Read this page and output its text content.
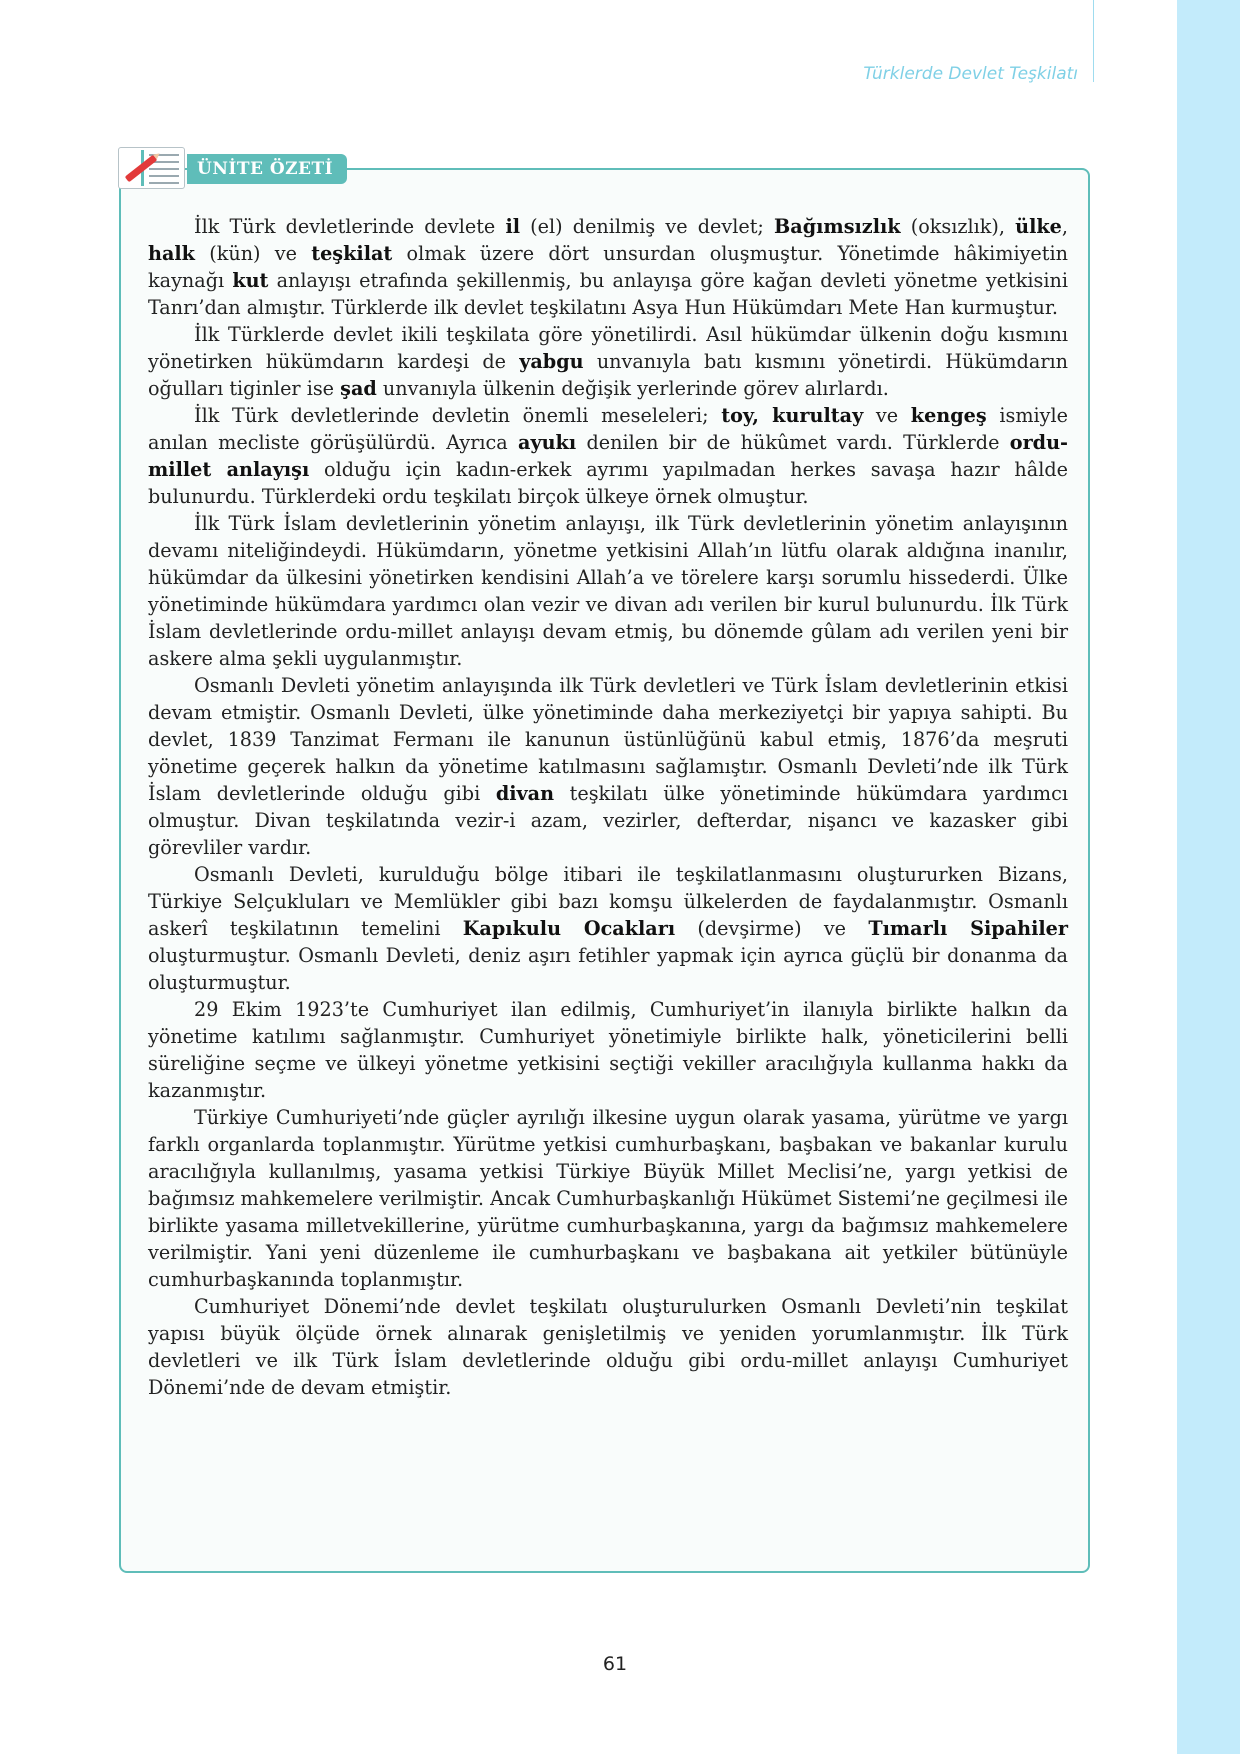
Türklerde Devlet Teşkilatı
ÜNİTE ÖZETİ

İlk Türk devletlerinde devlete il (el) denilmiş ve devlet; Bağımsızlık (oksızlık), ülke, halk (kün) ve teşkilat olmak üzere dört unsurdan oluşmuştur. Yönetimde hâkimiyetin kaynağı kut anlayışı etrafında şekillenmiş, bu anlayışa göre kağan devleti yönetme yetkisini Tanrı’dan almıştır. Türklerde ilk devlet teşkilatını Asya Hun Hükümdarı Mete Han kurmuştur.

İlk Türklerde devlet ikili teşkilata göre yönetilirdi. Asıl hükümdar ülkenin doğu kısmını yönetirken hükümdarın kardeşi de yabgu unvanıyla batı kısmını yönetirdi. Hükümdarın oğulları tiginler ise şad unvanıyla ülkenin değişik yerlerinde görev alırlardı.

İlk Türk devletlerinde devletin önemli meseleleri; toy, kurultay ve kengeş ismiyle anılan mecliste görüşülürdü. Ayrıca ayukı denilen bir de hükûmet vardı. Türklerde ordu-millet anlayışı olduğu için kadın-erkek ayrımı yapılmadan herkes savaşa hazır hâlde bulunurdu. Türklerdeki ordu teşkilatı birçok ülkeye örnek olmuştur.

İlk Türk İslam devletlerinin yönetim anlayışı, ilk Türk devletlerinin yönetim anlayışının devamı niteliğindeydi. Hükümdarın, yönetme yetkisini Allah’ın lütfu olarak aldığına inanılır, hükümdar da ülkesini yönetirken kendisini Allah’a ve törelere karşı sorumlu hissederdi. Ülke yönetiminde hükümdara yardımcı olan vezir ve divan adı verilen bir kurul bulunurdu. İlk Türk İslam devletlerinde ordu-millet anlayışı devam etmiş, bu dönemde gûlam adı verilen yeni bir askere alma şekli uygulanmıştır.

Osmanlı Devleti yönetim anlayışında ilk Türk devletleri ve Türk İslam devletlerinin etkisi devam etmiştir. Osmanlı Devleti, ülke yönetiminde daha merkeziyetçi bir yapıya sahipti. Bu devlet, 1839 Tanzimat Fermanı ile kanunun üstünlüğünü kabul etmiş, 1876’da meşruti yönetime geçerek halkın da yönetime katılmasını sağlamıştır. Osmanlı Devleti’nde ilk Türk İslam devletlerinde olduğu gibi divan teşkilatı ülke yönetiminde hükümdara yardımcı olmuştur. Divan teşkilatında vezir-i azam, vezirler, defterdar, nişancı ve kazasker gibi görevliler vardır.

Osmanlı Devleti, kurulduğu bölge itibari ile teşkilatlanmasını oluştururken Bizans, Türkiye Selçukluları ve Memlükler gibi bazı komşu ülkelerden de faydalanmıştır. Osmanlı askerî teşkilatının temelini Kapıkulu Ocakları (devşirme) ve Tımarlı Sipahiler oluşturmuştur. Osmanlı Devleti, deniz aşırı fetihler yapmak için ayrıca güçlü bir donanma da oluşturmuştur.

29 Ekim 1923’te Cumhuriyet ilan edilmiş, Cumhuriyet’in ilanıyla birlikte halkın da yönetime katılımı sağlanmıştır. Cumhuriyet yönetimiyle birlikte halk, yöneticilerini belli süreliğine seçme ve ülkeyi yönetme yetkisini seçtiği vekiller aracılığıyla kullanma hakkı da kazanmıştır.

Türkiye Cumhuriyeti’nde güçler ayrılığı ilkesine uygun olarak yasama, yürütme ve yargı farklı organlarda toplanmıştır. Yürütme yetkisi cumhurbaşkanı, başbakan ve bakanlar kurulu aracılığıyla kullanılmış, yasama yetkisi Türkiye Büyük Millet Meclisi’ne, yargı yetkisi de bağımsız mahkemelere verilmiştir. Ancak Cumhurbaşkanlığı Hükümet Sistemi’ne geçilmesi ile birlikte yasama milletvekillerine, yürütme cumhurbaşkanına, yargı da bağımsız mahkemelere verilmiştir. Yani yeni düzenleme ile cumhurbaşkanı ve başbakana ait yetkiler bütünüyle cumhurbaşkanında toplanmıştır.

Cumhuriyet Dönemi’nde devlet teşkilatı oluşturulurken Osmanlı Devleti’nin teşkilat yapısı büyük ölçüde örnek alınarak genişletilmiş ve yeniden yorumlanmıştır. İlk Türk devletleri ve ilk Türk İslam devletlerinde olduğu gibi ordu-millet anlayışı Cumhuriyet Dönemi’nde de devam etmiştir.

61
